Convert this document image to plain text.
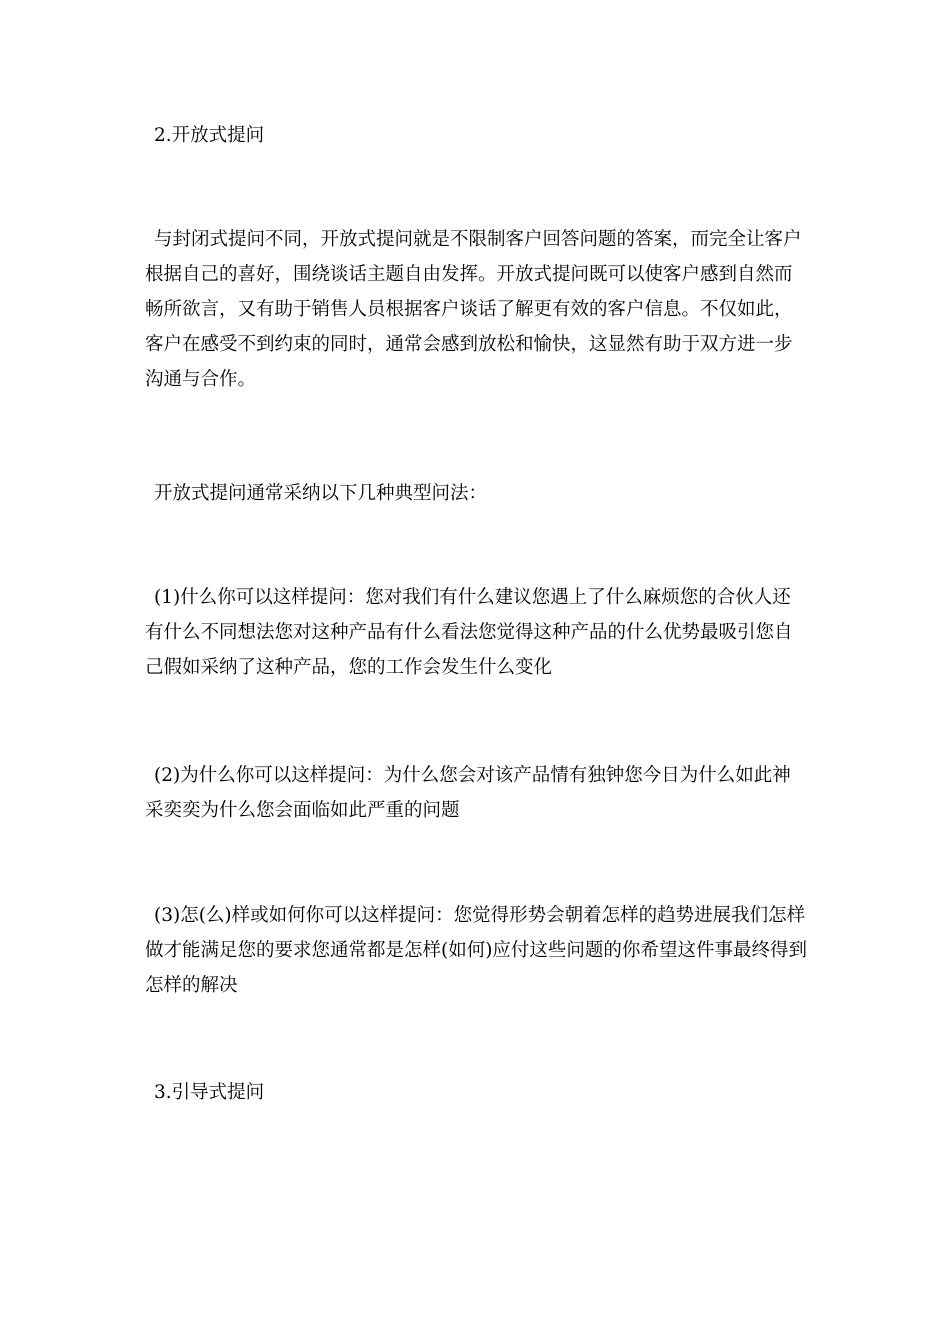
2.开放式提问

与封闭式提问不同，开放式提问就是不限制客户回答问题的答案，而完全让客户根据自己的喜好，围绕谈话主题自由发挥。开放式提问既可以使客户感到自然而畅所欲言，又有助于销售人员根据客户谈话了解更有效的客户信息。不仅如此，客户在感受不到约束的同时，通常会感到放松和愉快，这显然有助于双方进一步沟通与合作。

开放式提问通常采纳以下几种典型问法：

(1)什么你可以这样提问：您对我们有什么建议您遇上了什么麻烦您的合伙人还有什么不同想法您对这种产品有什么看法您觉得这种产品的什么优势最吸引您自己假如采纳了这种产品，您的工作会发生什么变化

(2)为什么你可以这样提问：为什么您会对该产品情有独钟您今日为什么如此神采奕奕为什么您会面临如此严重的问题

(3)怎(么)样或如何你可以这样提问：您觉得形势会朝着怎样的趋势进展我们怎样做才能满足您的要求您通常都是怎样(如何)应付这些问题的你希望这件事最终得到怎样的解决

3.引导式提问
